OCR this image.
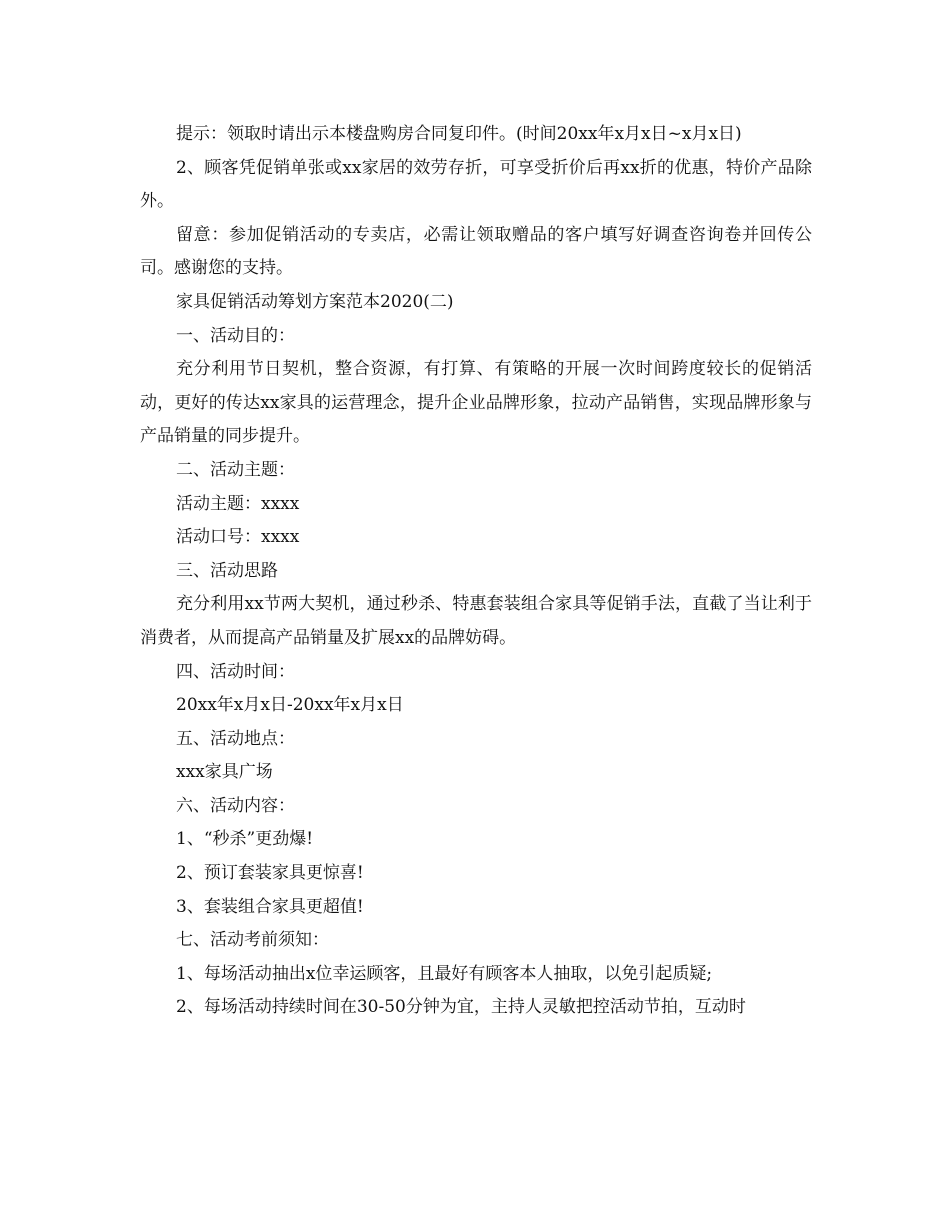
提示：领取时请出示本楼盘购房合同复印件。(时间20xx年x月x日~x月x日)

2、顾客凭促销单张或xx家居的效劳存折，可享受折价后再xx折的优惠，特价产品除外。

留意：参加促销活动的专卖店，必需让领取赠品的客户填写好调查咨询卷并回传公司。感谢您的支持。

家具促销活动筹划方案范本2020(二)

一、活动目的：

充分利用节日契机，整合资源，有打算、有策略的开展一次时间跨度较长的促销活动，更好的传达xx家具的运营理念，提升企业品牌形象，拉动产品销售，实现品牌形象与产品销量的同步提升。

二、活动主题：

活动主题：xxxx

活动口号：xxxx

三、活动思路

充分利用xx节两大契机，通过秒杀、特惠套装组合家具等促销手法，直截了当让利于消费者，从而提高产品销量及扩展xx的品牌妨碍。

四、活动时间：

20xx年x月x日-20xx年x月x日

五、活动地点：

xxx家具广场

六、活动内容：

1、“秒杀”更劲爆!

2、预订套装家具更惊喜!

3、套装组合家具更超值!

七、活动考前须知：

1、每场活动抽出x位幸运顾客，且最好有顾客本人抽取，以免引起质疑;

2、每场活动持续时间在30-50分钟为宜，主持人灵敏把控活动节拍，互动时
